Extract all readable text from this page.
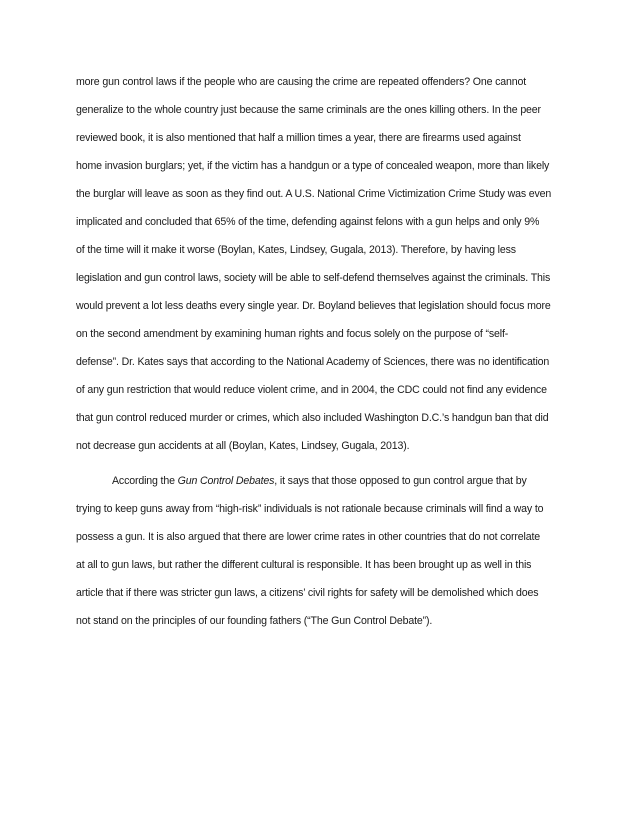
more gun control laws if the people who are causing the crime are repeated offenders? One cannot
generalize to the whole country just because the same criminals are the ones killing others. In the peer
reviewed book, it is also mentioned that half a million times a year, there are firearms used against
home invasion burglars; yet, if the victim has a handgun or a type of concealed weapon, more than likely
the burglar will leave as soon as they find out. A U.S. National Crime Victimization Crime Study was even
implicated and concluded that 65% of the time, defending against felons with a gun helps and only 9%
of the time will it make it worse (Boylan, Kates, Lindsey, Gugala, 2013). Therefore, by having less
legislation and gun control laws, society will be able to self-defend themselves against the criminals. This
would prevent a lot less deaths every single year. Dr. Boyland believes that legislation should focus more
on the second amendment by examining human rights and focus solely on the purpose of “self-
defense”. Dr. Kates says that according to the National Academy of Sciences, there was no identification
of any gun restriction that would reduce violent crime, and in 2004, the CDC could not find any evidence
that gun control reduced murder or crimes, which also included Washington D.C.’s handgun ban that did
not decrease gun accidents at all (Boylan, Kates, Lindsey, Gugala, 2013).
According the Gun Control Debates, it says that those opposed to gun control argue that by
trying to keep guns away from “high-risk” individuals is not rationale because criminals will find a way to
possess a gun. It is also argued that there are lower crime rates in other countries that do not correlate
at all to gun laws, but rather the different cultural is responsible. It has been brought up as well in this
article that if there was stricter gun laws, a citizens’ civil rights for safety will be demolished which does
not stand on the principles of our founding fathers (“The Gun Control Debate”).
